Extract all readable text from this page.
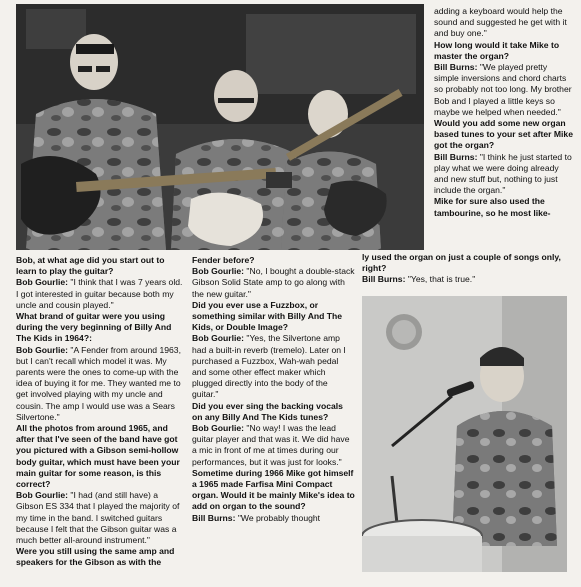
adding a keyboard would help the sound and suggested he get with it and buy one."

How long would it take Mike to master the organ?

Bill Burns: "We played pretty simple inversions and chord charts so probably not too long. My brother Bob and I played a little keys so maybe we helped when needed."

Would you add some new organ based tunes to your set after Mike got the organ?

Bill Burns: "I think he just started to play what we were doing already and new stuff but, nothing to just include the organ."

Mike for sure also used the tambourine, so he most like-

Bob, at what age did you start out to learn to play the guitar?

Bob Gourlie: "I think that I was 7 years old. I got interested in guitar because both my uncle and cousin played."

What brand of guitar were you using during the very beginning of Billy And The Kids in 1964?:

Bob Gourlie: "A Fender from around 1963, but I can't recall which model it was. My parents were the ones to come-up with the idea of buying it for me. They wanted me to get involved playing with my uncle and cousin. The amp I would use was a Sears Silvertone."

All the photos from around 1965, and after that I've seen of the band have got you pictured with a Gibson semi-hollow body guitar, which must have been your main guitar for some reason, is this correct?

Bob Gourlie: "I had (and still have) a Gibson ES 334 that I played the majority of my time in the band. I switched guitars because I felt that the Gibson guitar was a much better all-around instrument."

Were you still using the same amp and speakers for the Gibson as with the

Fender before?

Bob Gourlie: "No, I bought a double-stack Gibson Solid State amp to go along with the new guitar."

Did you ever use a Fuzzbox, or something similar with Billy And The Kids, or Double Image?

Bob Gourlie: "Yes, the Silvertone amp had a built-in reverb (tremelo). Later on I purchased a Fuzzbox, Wah-wah pedal and some other effect maker which plugged directly into the body of the guitar."

Did you ever sing the backing vocals on any Billy And The Kids tunes?

Bob Gourlie: "No way! I was the lead guitar player and that was it. We did have a mic in front of me at times during our performances, but it was just for looks."

Sometime during 1966 Mike got himself a 1965 made Farfisa Mini Compact organ. Would it be mainly Mike's idea to add on organ to the sound?

Bill Burns: "We probably thought

ly used the organ on just a couple of songs only, right?

Bill Burns: "Yes, that is true."
